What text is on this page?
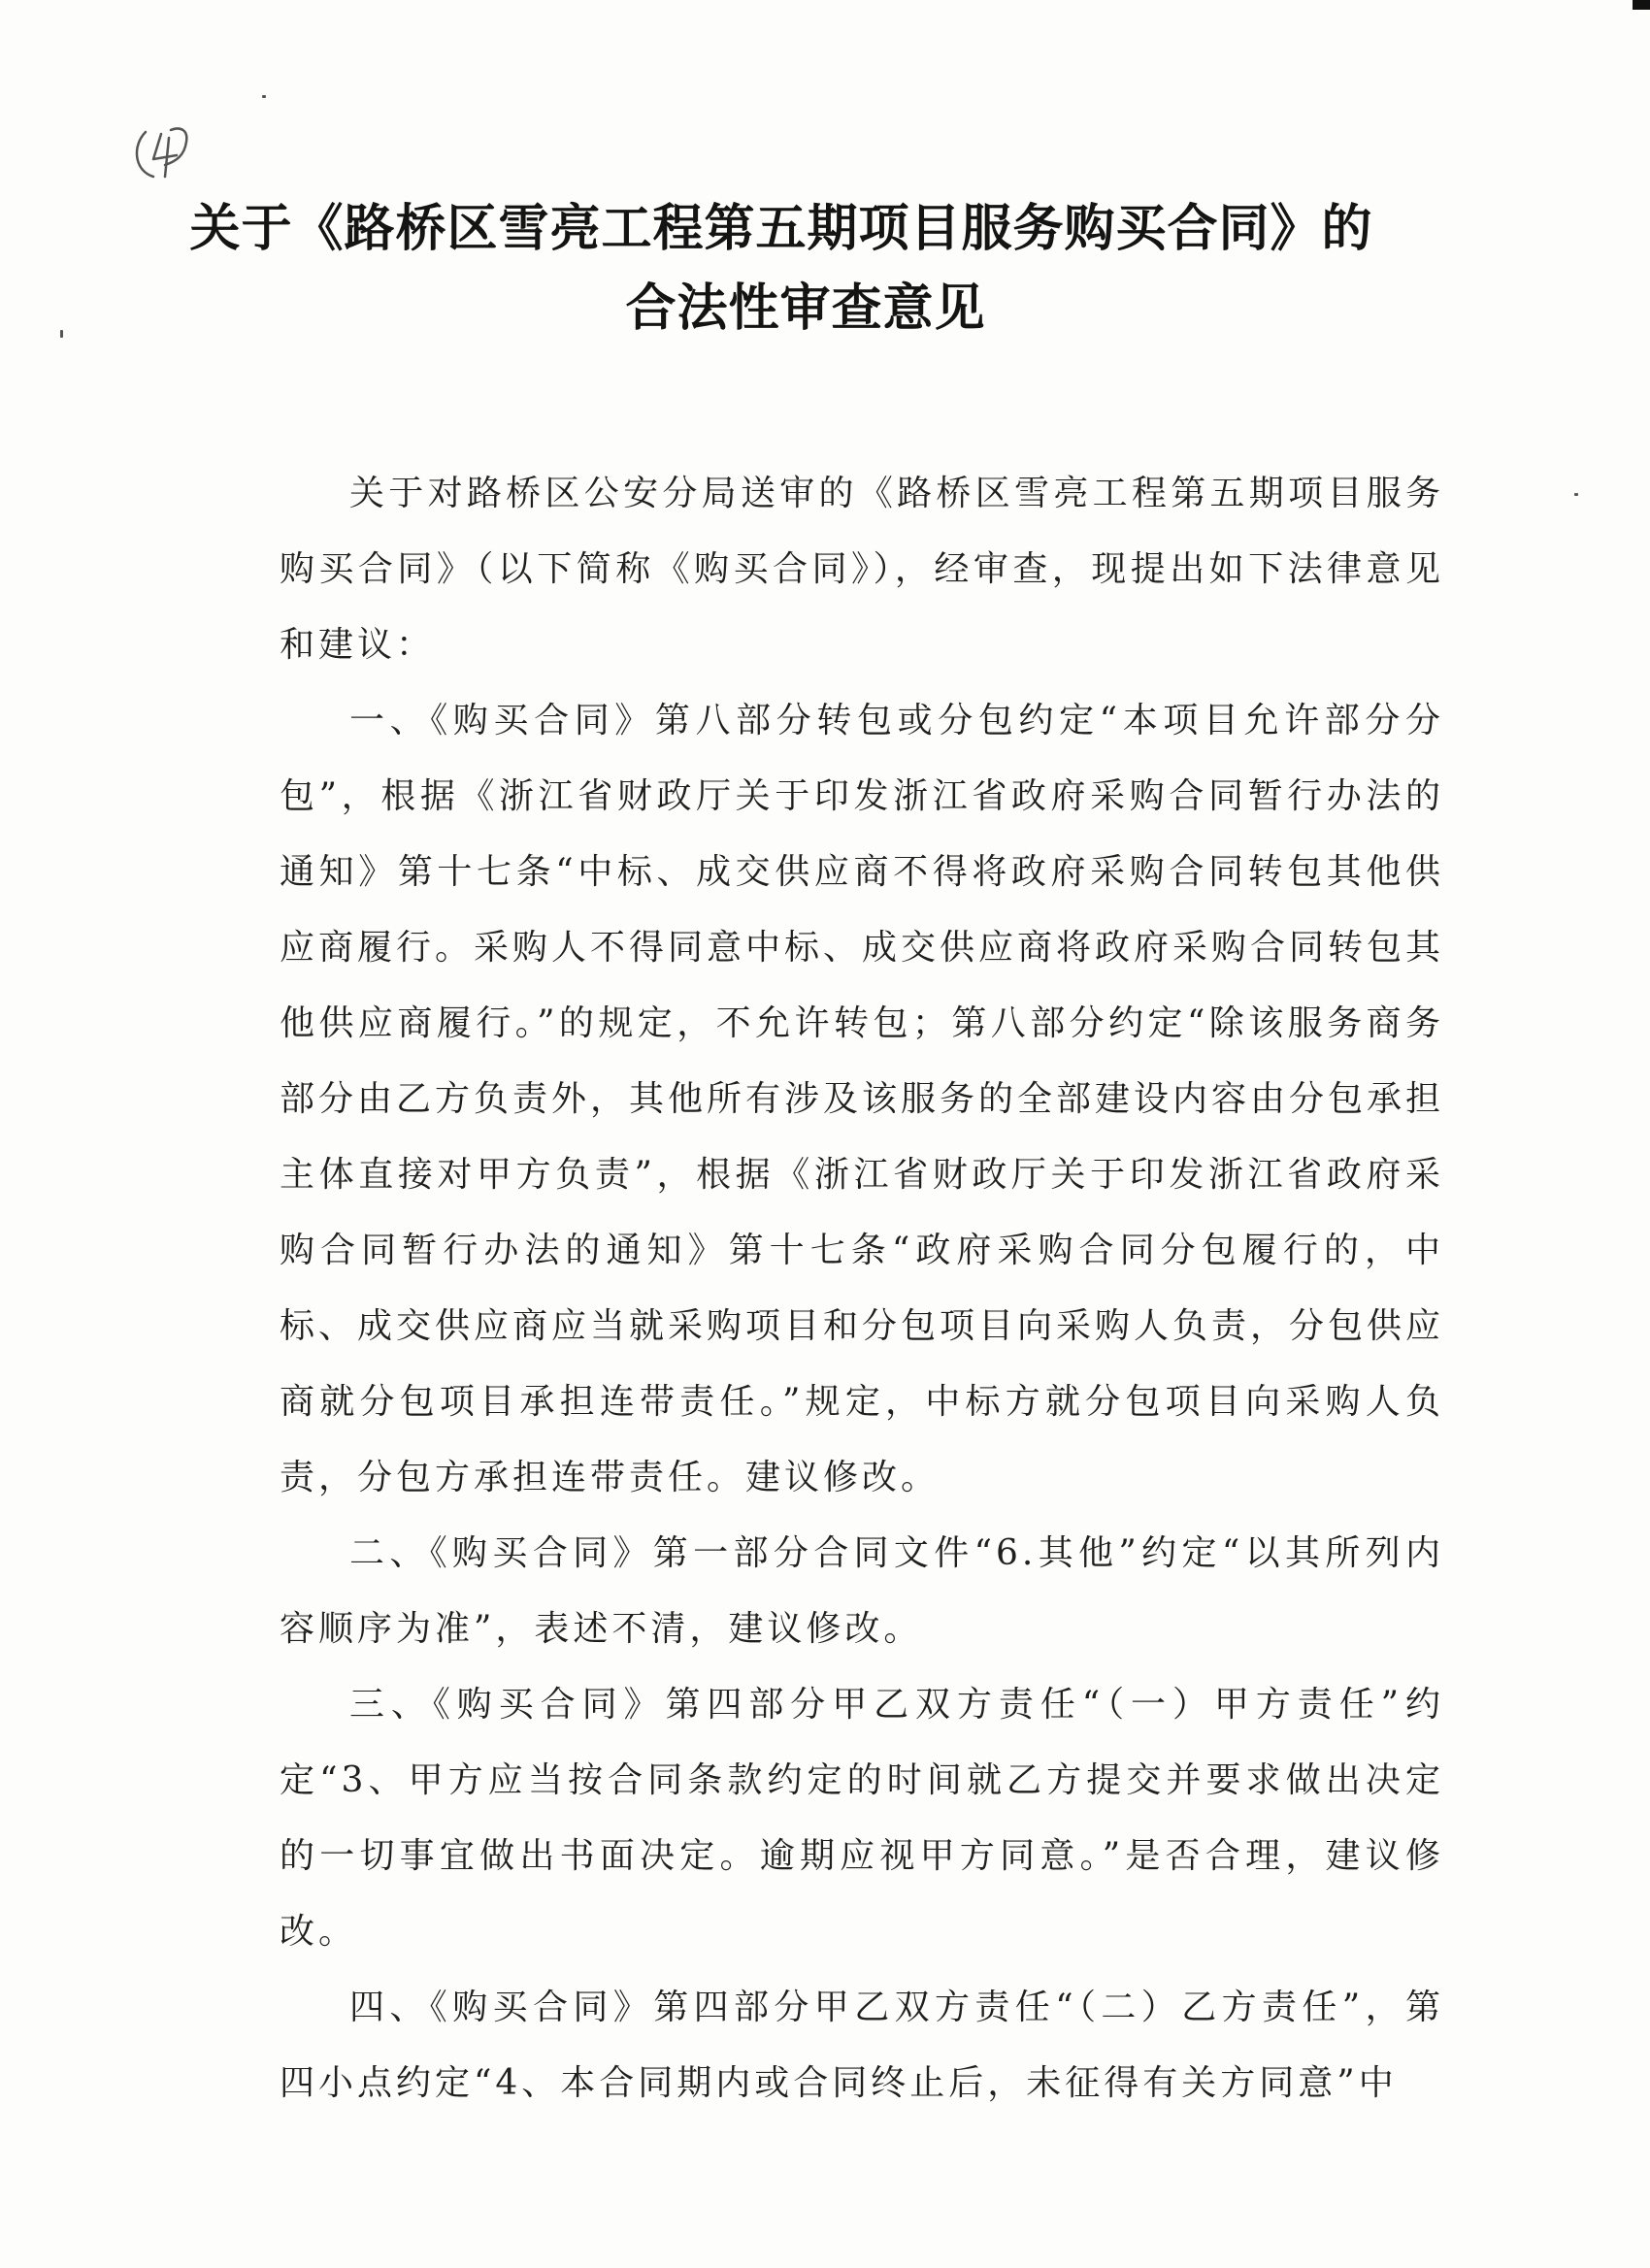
关于《路桥区雪亮工程第五期项目服务购买合同》的
合法性审查意见

关于对路桥区公安分局送审的《路桥区雪亮工程第五期项目服务购买合同》（以下简称《购买合同》），经审查，现提出如下法律意见和建议：

一、《购买合同》第八部分转包或分包约定“本项目允许部分分包”，根据《浙江省财政厅关于印发浙江省政府采购合同暂行办法的通知》第十七条“中标、成交供应商不得将政府采购合同转包其他供应商履行。采购人不得同意中标、成交供应商将政府采购合同转包其他供应商履行。”的规定，不允许转包；第八部分约定“除该服务商务部分由乙方负责外，其他所有涉及该服务的全部建设内容由分包承担主体直接对甲方负责”，根据《浙江省财政厅关于印发浙江省政府采购合同暂行办法的通知》第十七条“政府采购合同分包履行的，中标、成交供应商应当就采购项目和分包项目向采购人负责，分包供应商就分包项目承担连带责任。”规定，中标方就分包项目向采购人负责，分包方承担连带责任。建议修改。

二、《购买合同》第一部分合同文件“6.其他”约定“以其所列内容顺序为准”，表述不清，建议修改。

三、《购买合同》第四部分甲乙双方责任“（一）甲方责任”约定“3、甲方应当按合同条款约定的时间就乙方提交并要求做出决定的一切事宜做出书面决定。逾期应视甲方同意。”是否合理，建议修改。

四、《购买合同》第四部分甲乙双方责任“（二）乙方责任”，第四小点约定“4、本合同期内或合同终止后，未征得有关方同意”中
